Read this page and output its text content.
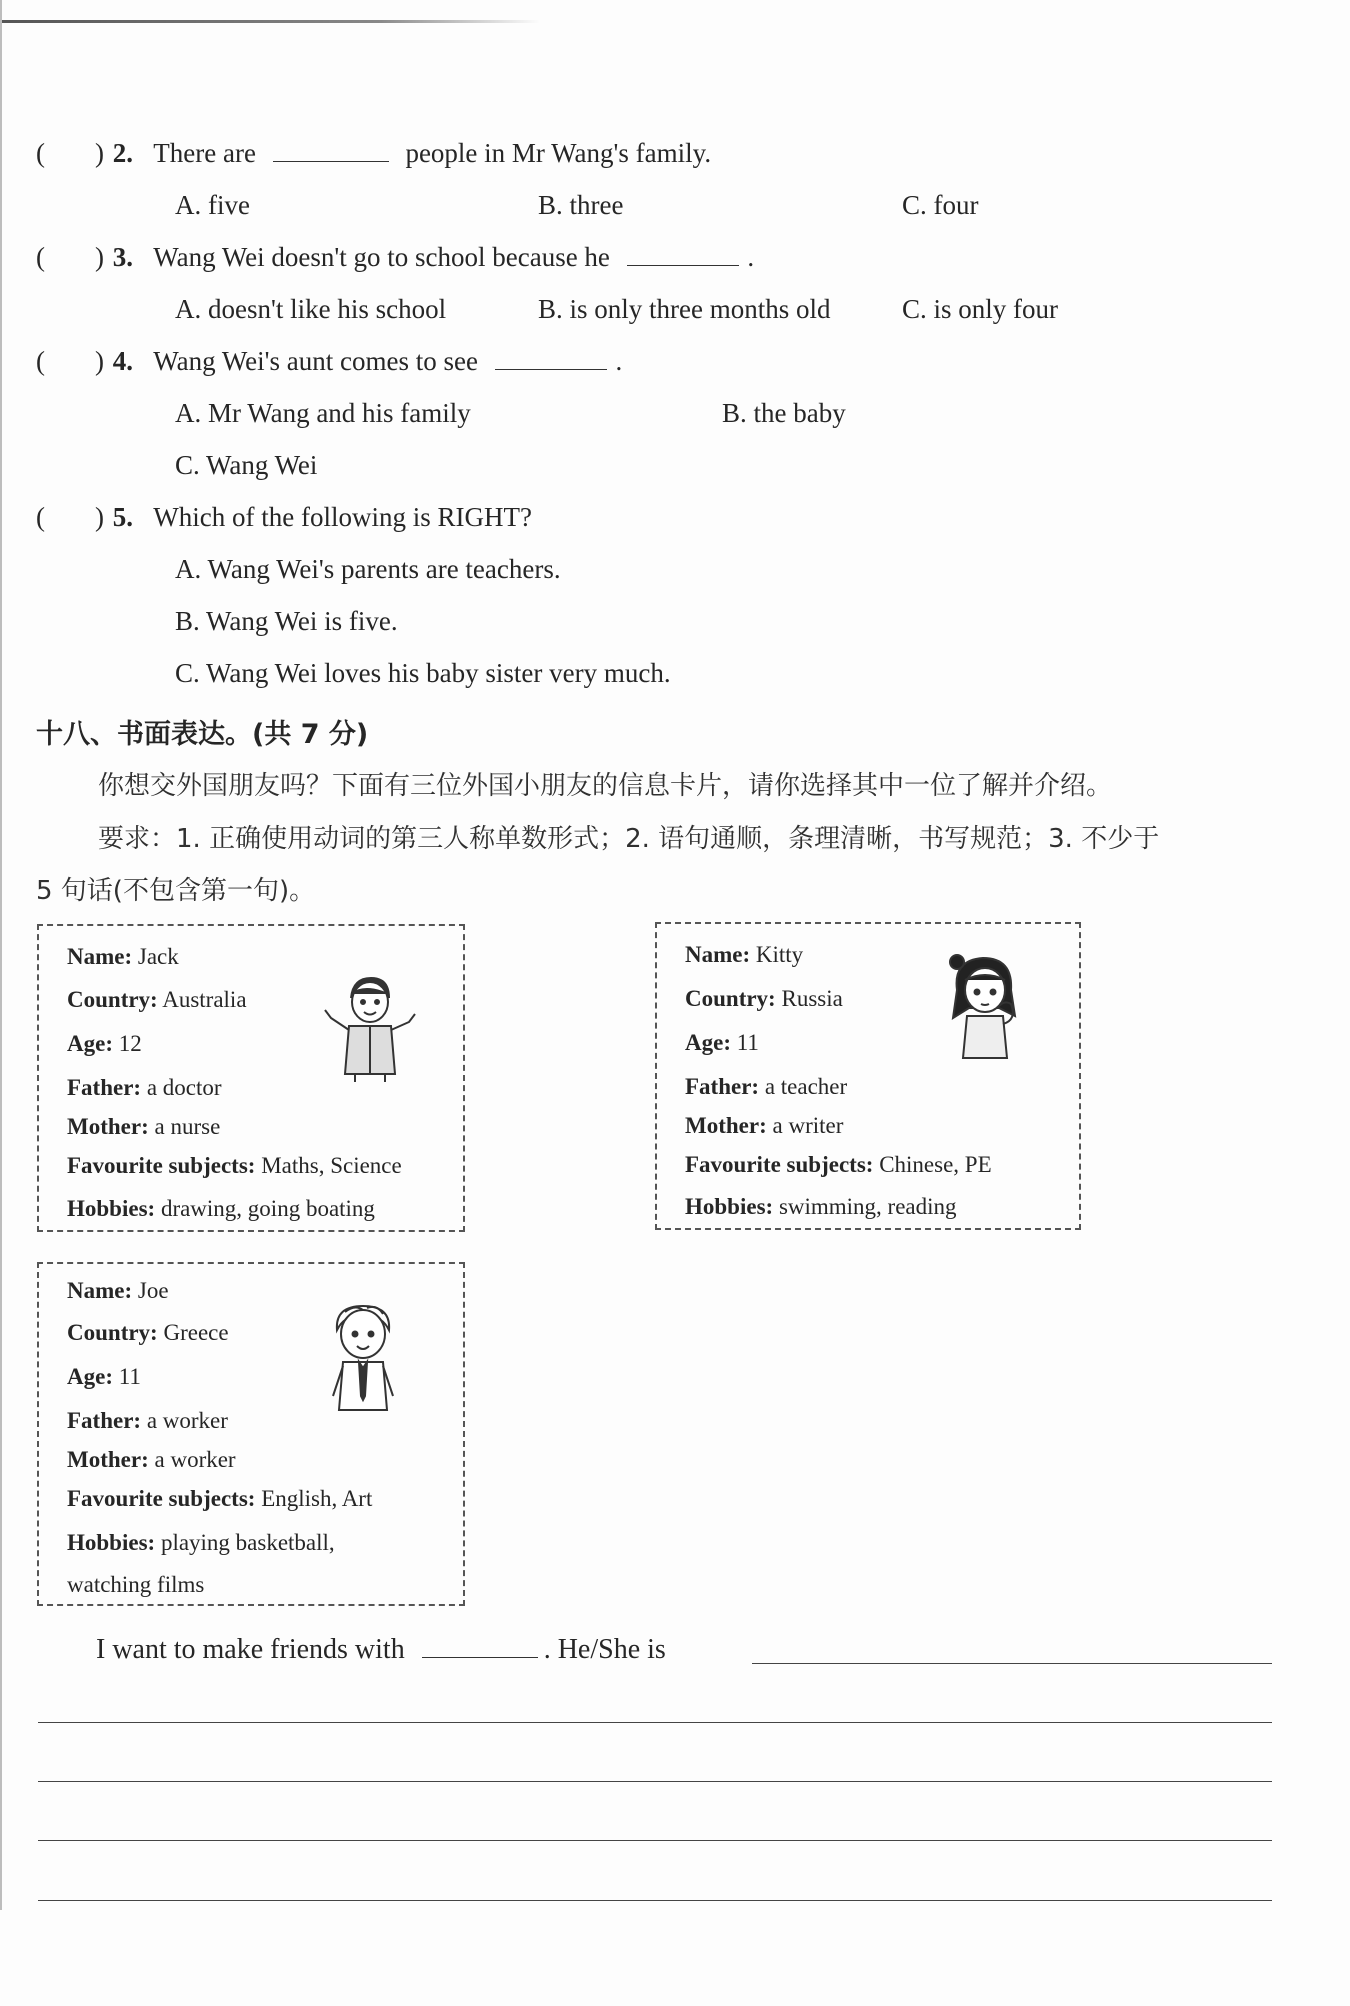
( ) 2. There are	people in Mr Wang's family.
A. five	B. three	C. four
( ) 3. Wang Wei doesn't go to school because he	.
A. doesn't like his school	B. is only three months old	C. is only four
( ) 4. Wang Wei's aunt comes to see	.
A. Mr Wang and his family	B. the baby
C. Wang Wei
( ) 5. Which of the following is RIGHT?
A. Wang Wei's parents are teachers.
B. Wang Wei is five.
C. Wang Wei loves his baby sister very much.
十八、书面表达。(共 7 分)
你想交外国朋友吗？下面有三位外国小朋友的信息卡片，请你选择其中一位了解并介绍。
要求：1. 正确使用动词的第三人称单数形式；2. 语句通顺，条理清晰，书写规范；3. 不少于
5 句话(不包含第一句)。
Name: Jack
Country: Australia
Age: 12
Father: a doctor
Mother: a nurse
Favourite subjects: Maths, Science
Hobbies: drawing, going boating
Name: Kitty
Country: Russia
Age: 11
Father: a teacher
Mother: a writer
Favourite subjects: Chinese, PE
Hobbies: swimming, reading
Name: Joe
Country: Greece
Age: 11
Father: a worker
Mother: a worker
Favourite subjects: English, Art
Hobbies: playing basketball,
watching films
I want to make friends with	. He/She is
